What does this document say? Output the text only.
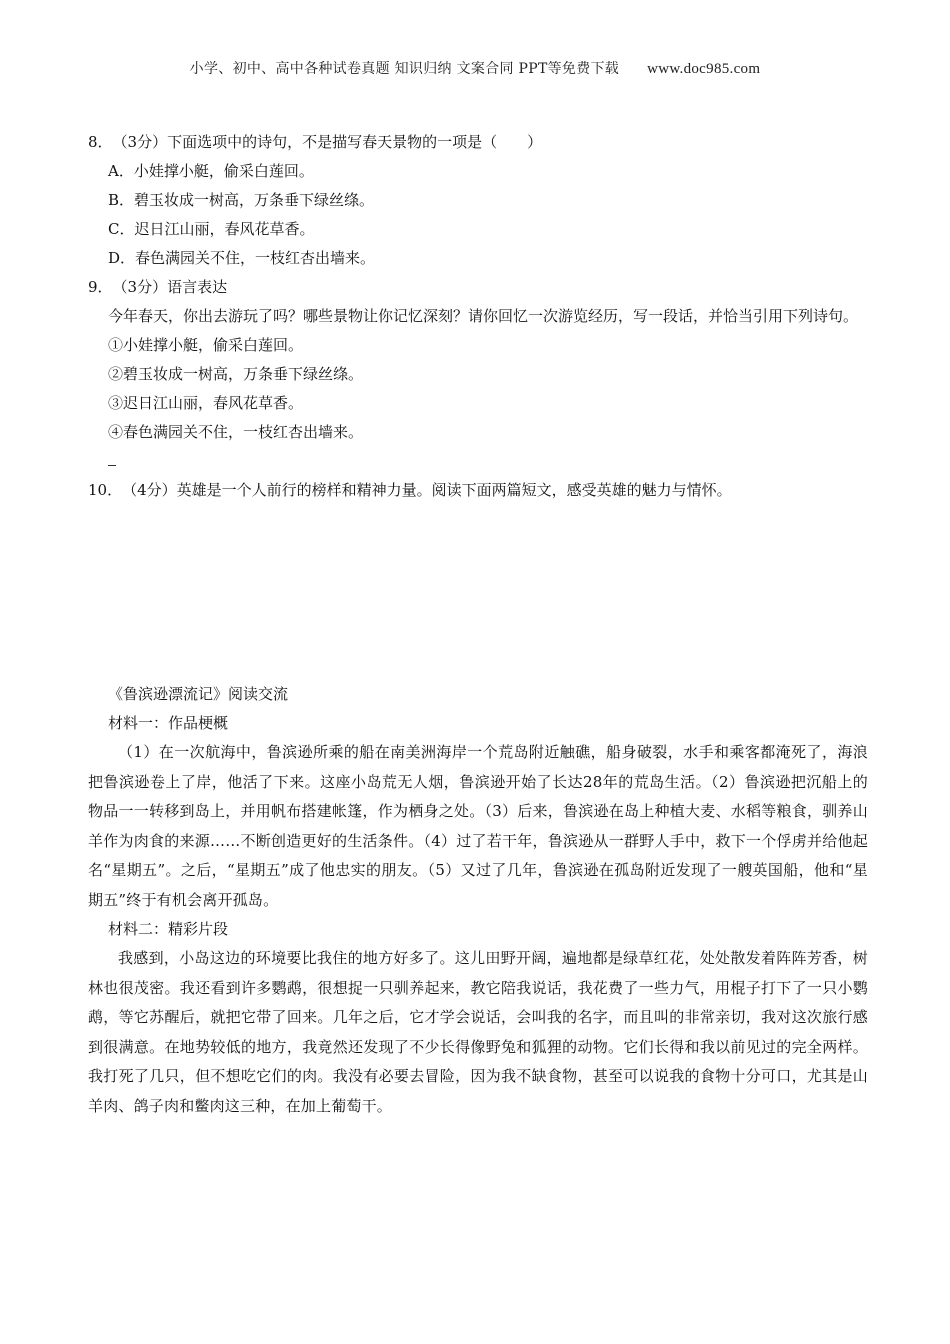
小学、初中、高中各种试卷真题 知识归纳 文案合同 PPT等免费下载 www.doc985.com
8．（3分）下面选项中的诗句，不是描写春天景物的一项是（　　）
A．小娃撑小艇，偷采白莲回。
B．碧玉妆成一树高，万条垂下绿丝绦。
C．迟日江山丽，春风花草香。
D．春色满园关不住，一枝红杏出墙来。
9．（3分）语言表达
今年春天，你出去游玩了吗？哪些景物让你记忆深刻？请你回忆一次游览经历，写一段话，并恰当引用下列诗句。
①小娃撑小艇，偷采白莲回。
②碧玉妆成一树高，万条垂下绿丝绦。
③迟日江山丽，春风花草香。
④春色满园关不住，一枝红杏出墙来。
10．（4分）英雄是一个人前行的榜样和精神力量。阅读下面两篇短文，感受英雄的魅力与情怀。
《鲁滨逊漂流记》阅读交流
材料一：作品梗概
（1）在一次航海中，鲁滨逊所乘的船在南美洲海岸一个荒岛附近触礁，船身破裂，水手和乘客都淹死了，海浪把鲁滨逊卷上了岸，他活了下来。这座小岛荒无人烟，鲁滨逊开始了长达28年的荒岛生活。（2）鲁滨逊把沉船上的物品一一转移到岛上，并用帆布搭建帐篷，作为栖身之处。（3）后来，鲁滨逊在岛上种植大麦、水稻等粮食，驯养山羊作为肉食的来源……不断创造更好的生活条件。（4）过了若干年，鲁滨逊从一群野人手中，救下一个俘虏并给他起名“星期五”。之后，“星期五”成了他忠实的朋友。（5）又过了几年，鲁滨逊在孤岛附近发现了一艘英国船，他和“星期五”终于有机会离开孤岛。
材料二：精彩片段
我感到，小岛这边的环境要比我住的地方好多了。这儿田野开阔，遍地都是绿草红花，处处散发着阵阵芳香，树林也很茂密。我还看到许多鹦鹉，很想捉一只驯养起来，教它陪我说话，我花费了一些力气，用棍子打下了一只小鹦鹉，等它苏醒后，就把它带了回来。几年之后，它才学会说话，会叫我的名字，而且叫的非常亲切，我对这次旅行感到很满意。在地势较低的地方，我竟然还发现了不少长得像野兔和狐狸的动物。它们长得和我以前见过的完全两样。我打死了几只，但不想吃它们的肉。我没有必要去冒险，因为我不缺食物，甚至可以说我的食物十分可口，尤其是山羊肉、鸽子肉和鳖肉这三种，在加上葡萄干。
